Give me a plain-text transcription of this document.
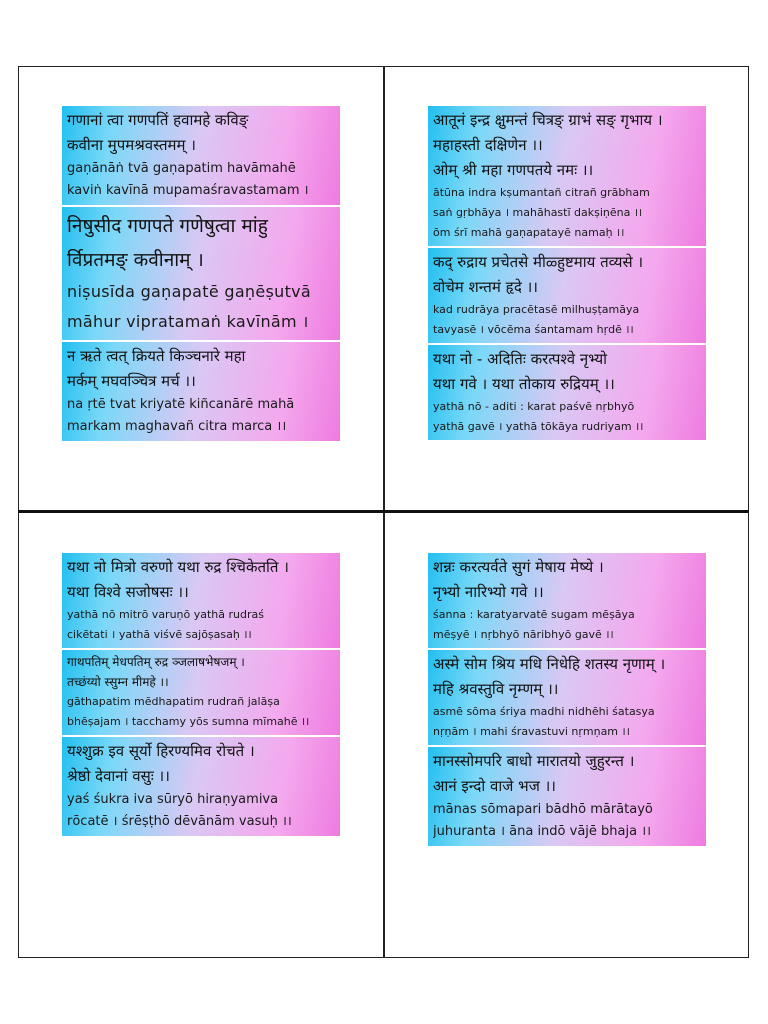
गणानां त्वा गणपतिं हवामहे कविङ्
कवीना मुपमश्रवस्तमम् ।
gaṇānāṅ tvā gaṇapatim havāmahē
kaviṅ kavīnā mupamaśravastamam ।
निषुसीद गणपते गणेषुत्वा मांहु
र्विप्रतमङ् कवीनाम् ।
niṣusīda gaṇapatē gaṇēṣutvā
māhur vipratamaṅ kavīnām ।
न ऋते त्वत् क्रियते किञ्चनारे महा
मर्कम् मघवञ्चित्र मर्च ।।
na ṛtē tvat kriyatē kiñcanārē mahā
markam maghavañ citra marca ।।
आतूनं इन्द्र क्षुमन्तं चित्रङ् ग्राभं सङ् गृभाय ।
महाहस्ती दक्षिणेन ।।
ओम् श्री महा गणपतये नमः ।।
ātūna indra kṣumantañ citrañ grābham
saṅ gṛbhāya । mahāhastī dakṣiṇēna ।।
ōm śrī mahā gaṇapatayē namaḥ ।।
कद् रुद्राय प्रचेतसे मीळ्हुष्टमाय तव्यसे ।
वोचेम शन्तमं हृदे ।।
kad rudrāya pracētasē milhuṣṭamāya
tavyasē । vōcēma śantamam hṛdē ।।
यथा नो - अदितिः करत्पश्वे नृभ्यो
यथा गवे । यथा तोकाय रुद्रियम् ।।
yathā nō - aditi : karat paśvē nṛbhyō
yathā gavē । yathā tōkāya rudriyam ।।
यथा नो मित्रो वरुणो यथा रुद्र श्चिकेतति ।
यथा विश्वे सजोषसः ।।
yathā nō mitrō varuṇō yathā rudraś
cikētati । yathā viśvē sajōṣasaḥ ।।
गाथपतिम् मेधपतिम् रुद्र ञ्जलाषभेषजम् ।
तच्छंय्यो स्सुम्न मीमहे ।।
gāthapatim mēdhapatim rudrañ jalāṣa
bhēṣajam । tacchamy yōs sumna mīmahē ।।
यश्शुक्र इव सूर्यो हिरण्यमिव रोचते ।
श्रेष्ठो देवानां वसुः ।।
yaś śukra iva sūryō hiraṇyamiva
rōcatē । śrēṣṭhō dēvānām vasuḥ ।।
शन्नः करत्यर्वते सुगं मेषाय मेष्ये ।
नृभ्यो नारिभ्यो गवे ।।
śanna : karatyarvatē sugam mēṣāya
mēṣyē । nṛbhyō nāribhyō gavē ।।
अस्मे सोम श्रिय मधि निधेहि शतस्य नृणाम् ।
महि श्रवस्तुवि नृम्णम् ।।
asmē sōma śriya madhi nidhēhi śatasya
nṛṇām । mahi śravastuvi nṛmṇam ।।
मानस्सोमपरि बाधो मारातयो जुहुरन्त ।
आनं इन्दो वाजे भज ।।
mānas sōmapari bādhō mārātayō
juhuranta । āna indō vājē bhaja ।।
